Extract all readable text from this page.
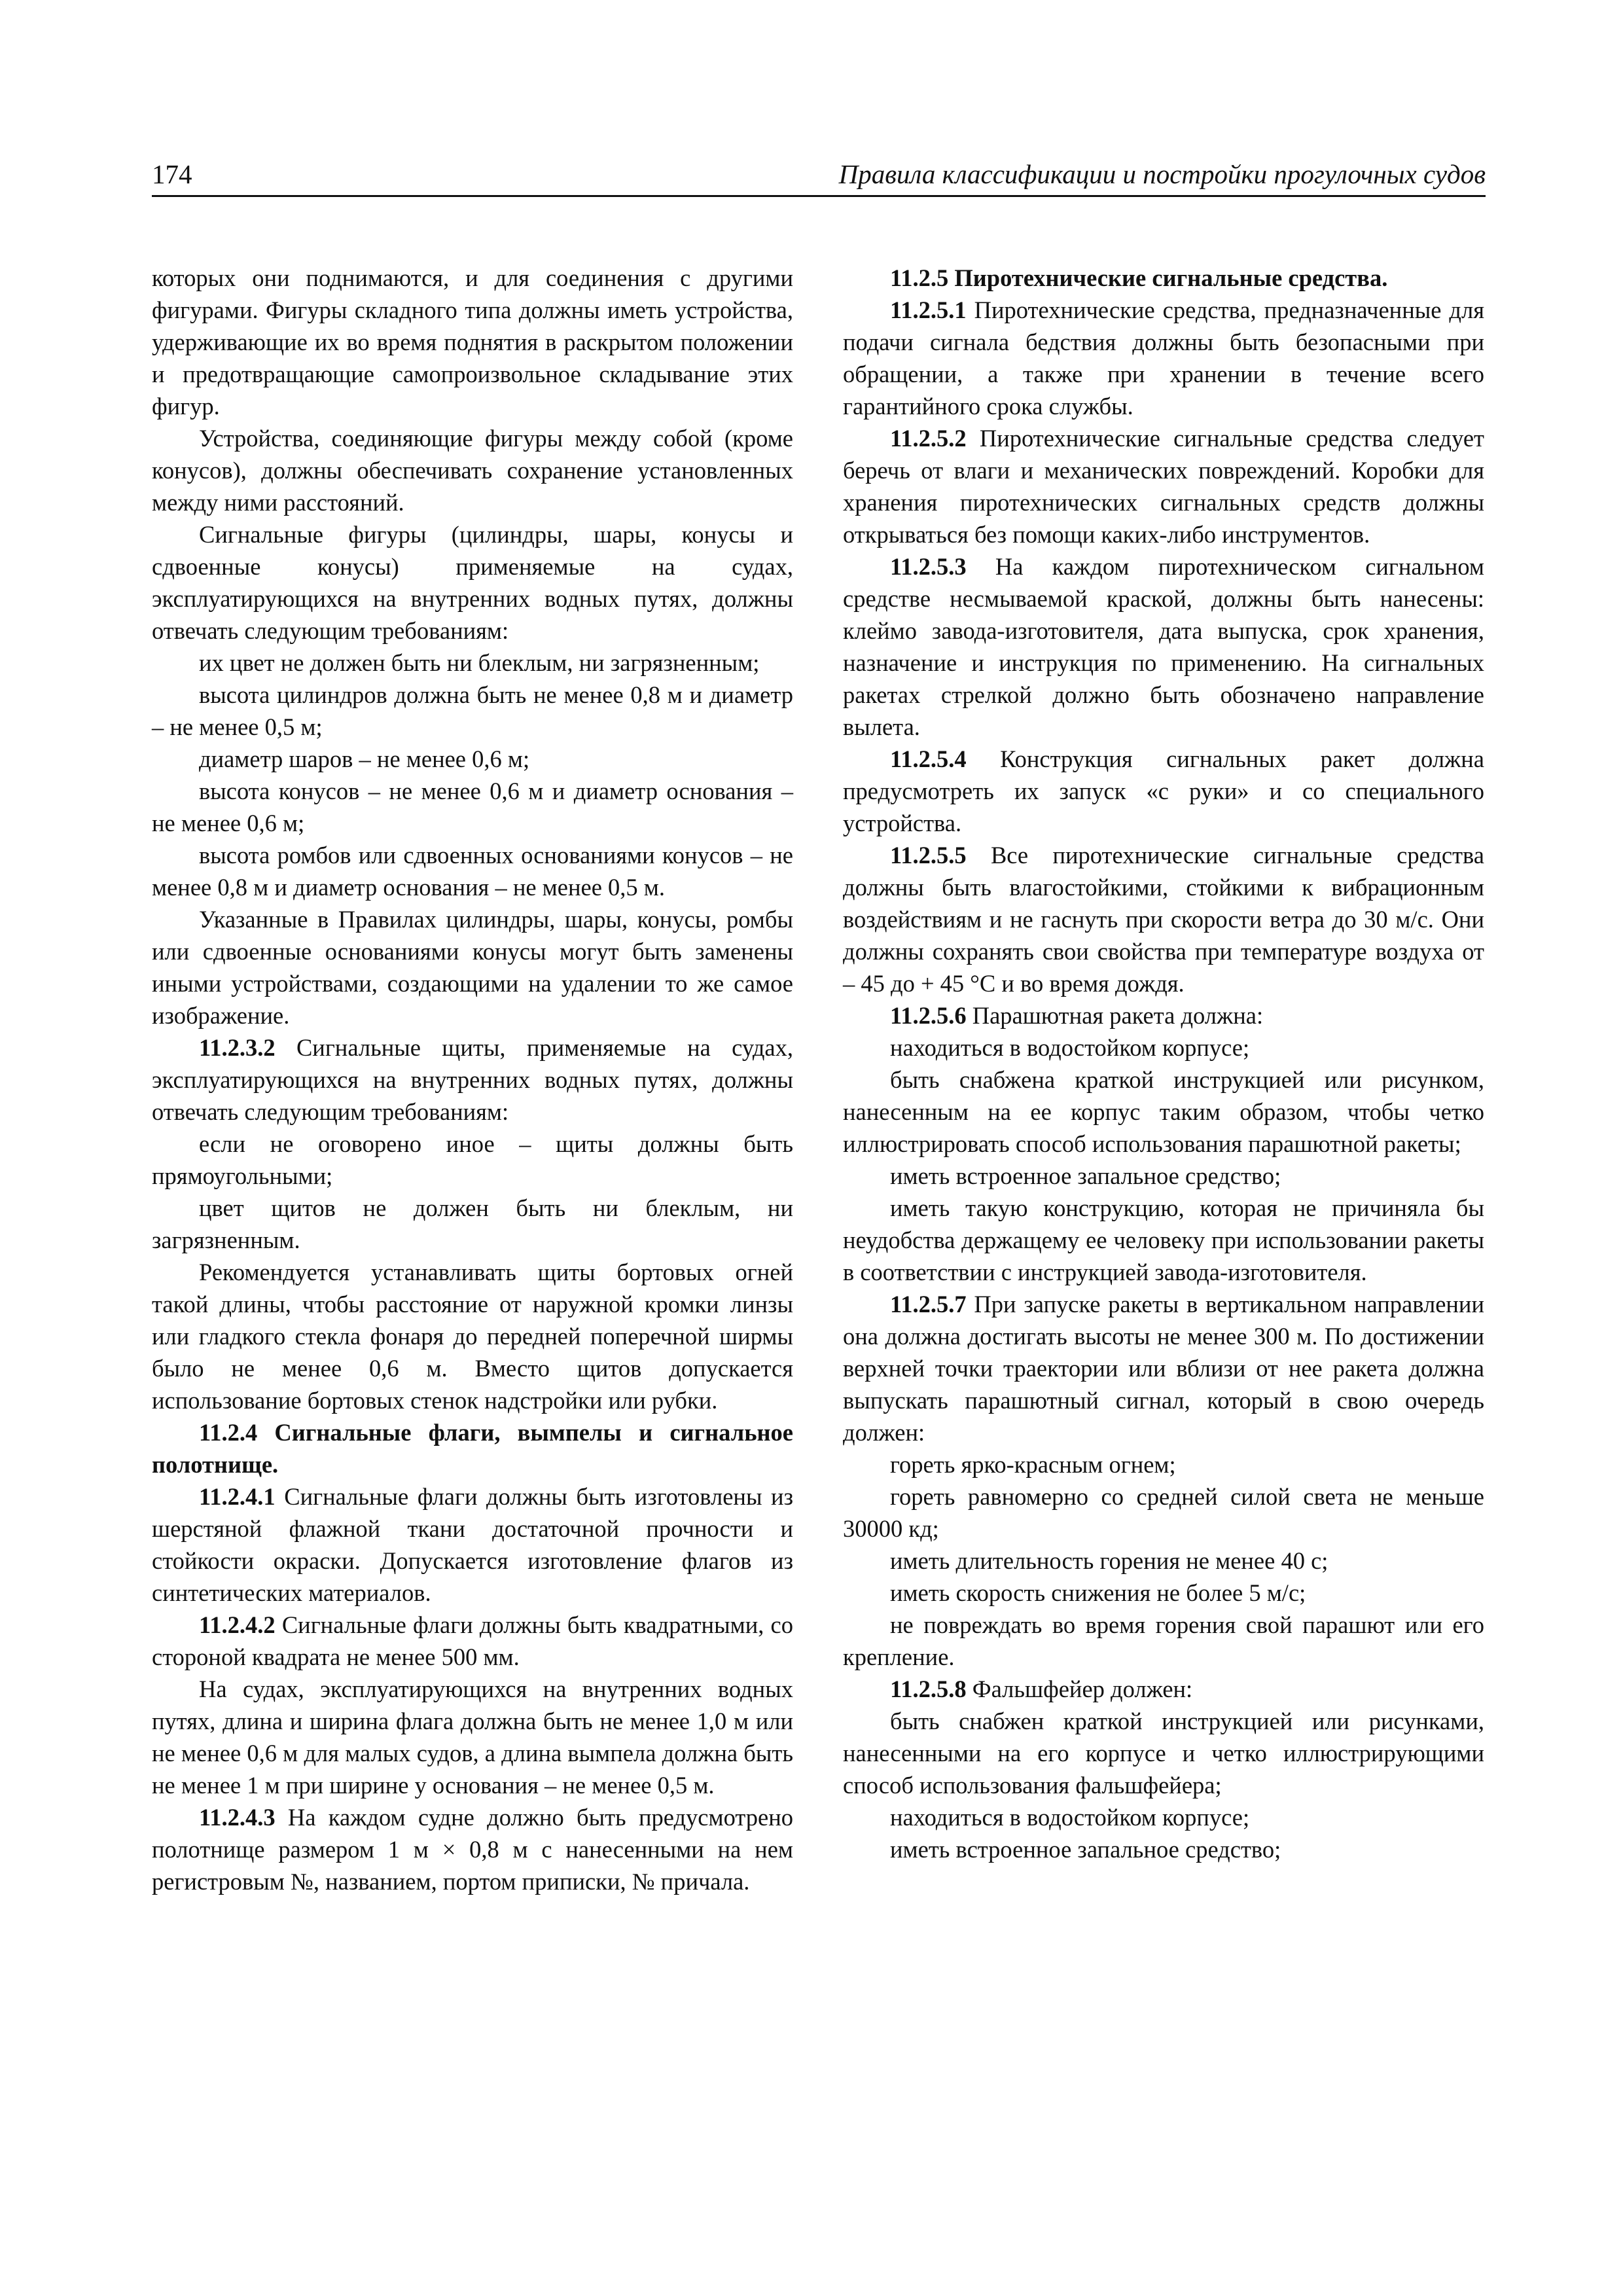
174	Правила классификации и постройки прогулочных судов

которых они поднимаются, и для соединения с другими фигурами. Фигуры складного типа должны иметь устройства, удерживающие их во время поднятия в раскрытом положении и предотвращающие самопроизвольное складывание этих фигур.

Устройства, соединяющие фигуры между собой (кроме конусов), должны обеспечивать сохранение установленных между ними расстояний.

Сигнальные фигуры (цилиндры, шары, конусы и сдвоенные конусы) применяемые на судах, эксплуатирующихся на внутренних водных путях, должны отвечать следующим требованиям:

их цвет не должен быть ни блеклым, ни загрязненным;

высота цилиндров должна быть не менее 0,8 м и диаметр – не менее 0,5 м;

диаметр шаров – не менее 0,6 м;

высота конусов – не менее 0,6 м и диаметр основания – не менее 0,6 м;

высота ромбов или сдвоенных основаниями конусов – не менее 0,8 м и диаметр основания – не менее 0,5 м.

Указанные в Правилах цилиндры, шары, конусы, ромбы или сдвоенные основаниями конусы могут быть заменены иными устройствами, создающими на удалении то же самое изображение.

11.2.3.2 Сигнальные щиты, применяемые на судах, эксплуатирующихся на внутренних водных путях, должны отвечать следующим требованиям:

если не оговорено иное – щиты должны быть прямоугольными;

цвет щитов не должен быть ни блеклым, ни загрязненным.

Рекомендуется устанавливать щиты бортовых огней такой длины, чтобы расстояние от наружной кромки линзы или гладкого стекла фонаря до передней поперечной ширмы было не менее 0,6 м. Вместо щитов допускается использование бортовых стенок надстройки или рубки.

11.2.4 Сигнальные флаги, вымпелы и сигнальное полотнище.

11.2.4.1 Сигнальные флаги должны быть изготовлены из шерстяной флажной ткани достаточной прочности и стойкости окраски. Допускается изготовление флагов из синтетических материалов.

11.2.4.2 Сигнальные флаги должны быть квадратными, со стороной квадрата не менее 500 мм.

На судах, эксплуатирующихся на внутренних водных путях, длина и ширина флага должна быть не менее 1,0 м или не менее 0,6 м для малых судов, а длина вымпела должна быть не менее 1 м при ширине у основания – не менее 0,5 м.

11.2.4.3 На каждом судне должно быть предусмотрено полотнище размером 1 м × 0,8 м с нанесенными на нем регистровым №, названием, портом приписки, № причала.

11.2.5 Пиротехнические сигнальные средства.

11.2.5.1 Пиротехнические средства, предназначенные для подачи сигнала бедствия должны быть безопасными при обращении, а также при хранении в течение всего гарантийного срока службы.

11.2.5.2 Пиротехнические сигнальные средства следует беречь от влаги и механических повреждений. Коробки для хранения пиротехнических сигнальных средств должны открываться без помощи каких-либо инструментов.

11.2.5.3 На каждом пиротехническом сигнальном средстве несмываемой краской, должны быть нанесены: клеймо завода-изготовителя, дата выпуска, срок хранения, назначение и инструкция по применению. На сигнальных ракетах стрелкой должно быть обозначено направление вылета.

11.2.5.4 Конструкция сигнальных ракет должна предусмотреть их запуск «с руки» и со специального устройства.

11.2.5.5 Все пиротехнические сигнальные средства должны быть влагостойкими, стойкими к вибрационным воздействиям и не гаснуть при скорости ветра до 30 м/с. Они должны сохранять свои свойства при температуре воздуха от – 45 до + 45 °С и во время дождя.

11.2.5.6 Парашютная ракета должна:

находиться в водостойком корпусе;

быть снабжена краткой инструкцией или рисунком, нанесенным на ее корпус таким образом, чтобы четко иллюстрировать способ использования парашютной ракеты;

иметь встроенное запальное средство;

иметь такую конструкцию, которая не причиняла бы неудобства держащему ее человеку при использовании ракеты в соответствии с инструкцией завода-изготовителя.

11.2.5.7 При запуске ракеты в вертикальном направлении она должна достигать высоты не менее 300 м. По достижении верхней точки траектории или вблизи от нее ракета должна выпускать парашютный сигнал, который в свою очередь должен:

гореть ярко-красным огнем;

гореть равномерно со средней силой света не меньше 30000 кд;

иметь длительность горения не менее 40 с;

иметь скорость снижения не более 5 м/с;

не повреждать во время горения свой парашют или его крепление.

11.2.5.8 Фальшфейер должен:

быть снабжен краткой инструкцией или рисунками, нанесенными на его корпусе и четко иллюстрирующими способ использования фальшфейера;

находиться в водостойком корпусе;

иметь встроенное запальное средство;
